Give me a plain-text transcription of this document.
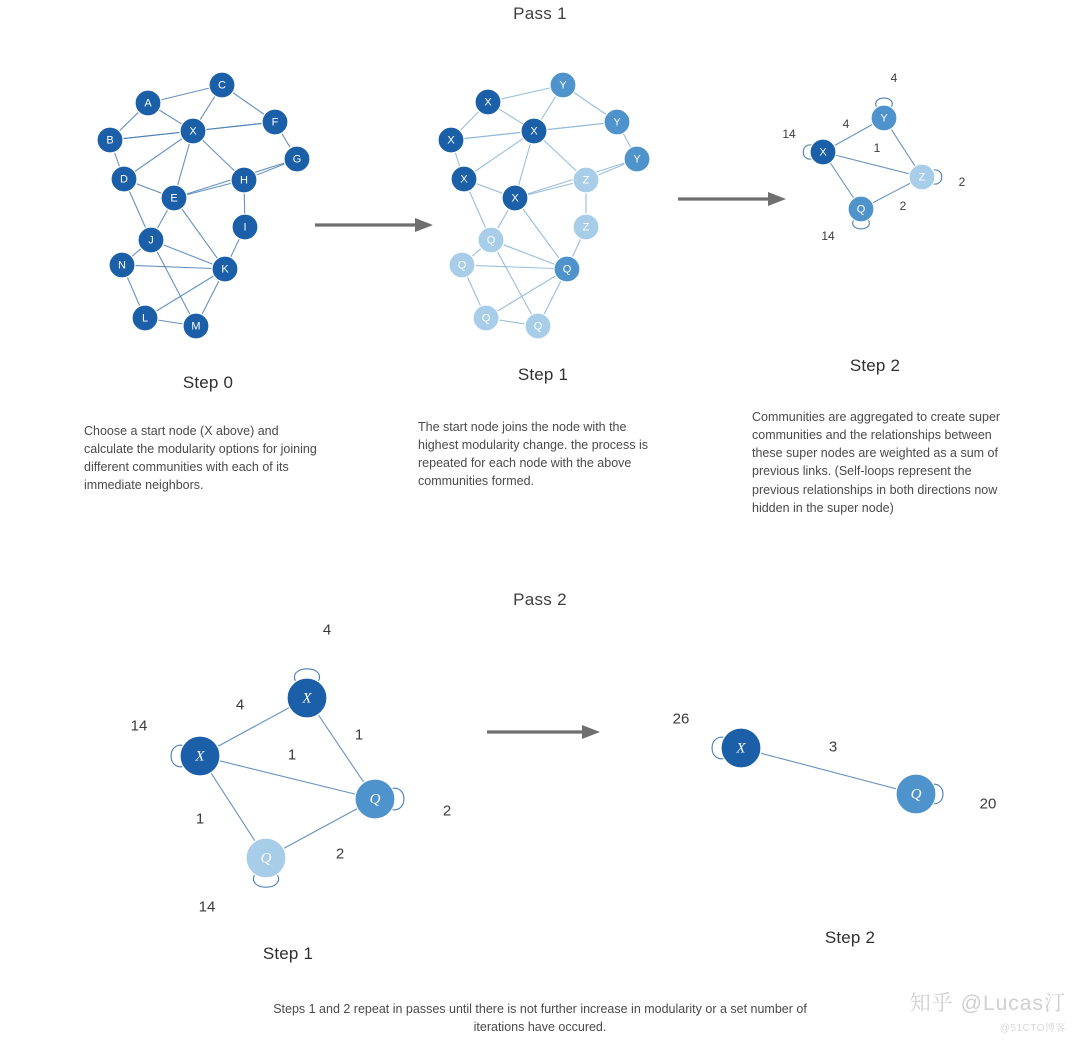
Pass 1
A
C
F
B
X
G
D
E
H
I
J
N	K
L
M
X
Y
Y
X
X
Y
X
X
Z
Z
Q
Q	Q
Q
Q
X
Y
Z
Q
4
14
2
14
4
1
2
Step 0	Step 1	Step 2
Choose a start node (X above) and calculate the modularity options for joining different communities with each of its immediate neighbors.
The start node joins the node with the highest modularity change. the process is repeated for each node with the above communities formed.
Communities are aggregated to create super communities and the relationships between these super nodes are weighted as a sum of previous links. (Self-loops represent the previous relationships in both directions now hidden in the super node)
Pass 2
X
X
Q
Q
4
14
2
14
4
1
1
1
2
X
Q
26
20
3
Step 1
Step 2
Steps 1 and 2 repeat in passes until there is not further increase in modularity or a set number of iterations have occured.
知乎 @Lucas汀
@51CTO博客
